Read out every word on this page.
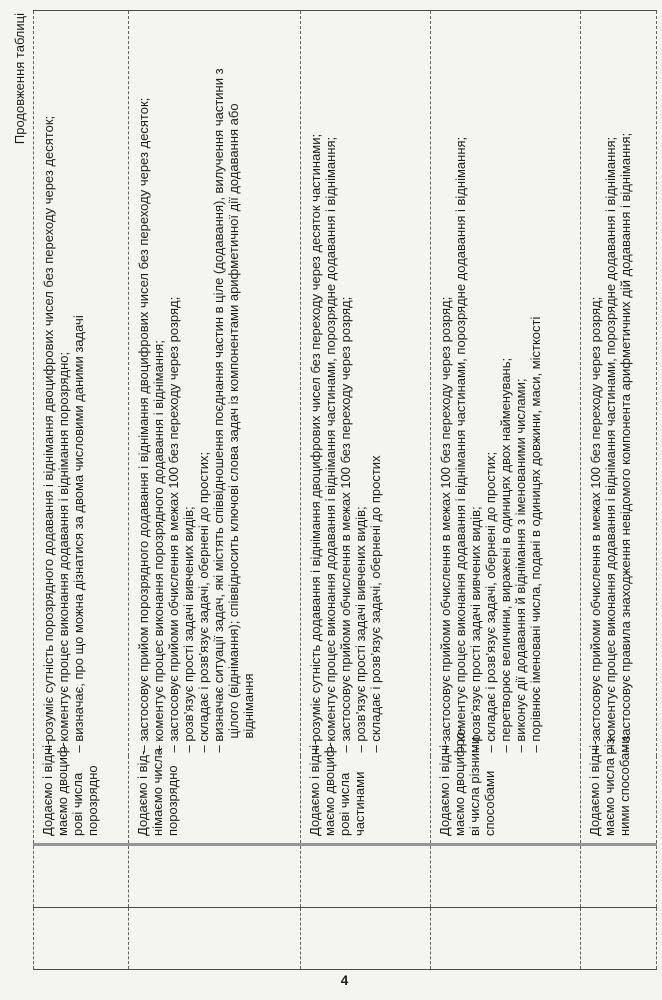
Продовження таблиці

Додаємо і відні- маємо двоциф- рові числа порозрядно

– розуміє сутність порозрядного додавання і віднімання двоцифрових чисел без переходу через десяток; – коментує процес виконання додавання і віднімання порозрядно; – визначає, про що можна дізнатися за двома числовими даними задачі

Додаємо і від- німаємо числа порозрядно

– застосовує прийом порозрядного додавання і віднімання двоцифрових чисел без переходу через десяток; – коментує процес виконання порозрядного додавання і віднімання; – застосовує прийоми обчислення в межах 100 без переходу через розряд; – розв’язує прості задачі вивчених видів; – складає і розв’язує задачі, обернені до простих; – визначає ситуації задач, які містять співвідношення поєднання частин в ціле (додавання), вилучення частини з цілого (віднімання); співвідносить ключові слова задач із компонентами арифметичної дії додавання або віднімання

Додаємо і відні- маємо двоциф- рові числа частинами

– розуміє сутність додавання і віднімання двоцифрових чисел без переходу через десяток частинами; – коментує процес виконання додавання і віднімання частинами, порозрядне додавання і віднімання; – застосовує прийоми обчислення в межах 100 без переходу через розряд; – розв’язує прості задачі вивчених видів; – складає і розв’язує задачі, обернені до простих

Додаємо і відні- маємо двоцифро- ві числа різними способами

– застосовує прийоми обчислення в межах 100 без переходу через розряд; – коментує процес виконання додавання і віднімання частинами, порозрядне додавання і віднімання; – розв’язує прості задачі вивчених видів; – складає і розв’язує задачі, обернені до простих; – перетворює величини, виражені в одиницях двох найменувань; – виконує дії додавання й віднімання з іменованими числами; – порівнює іменовані числа, подані в одиницях довжини, маси, місткості

Додаємо і відні- маємо числа різ- ними способами

– застосовує прийоми обчислення в межах 100 без переходу через розряд; – коментує процес виконання додавання і віднімання частинами, порозрядне додавання і віднімання; – застосовує правила знаходження невідомого компонента арифметичних дій додавання і віднімання;
4
